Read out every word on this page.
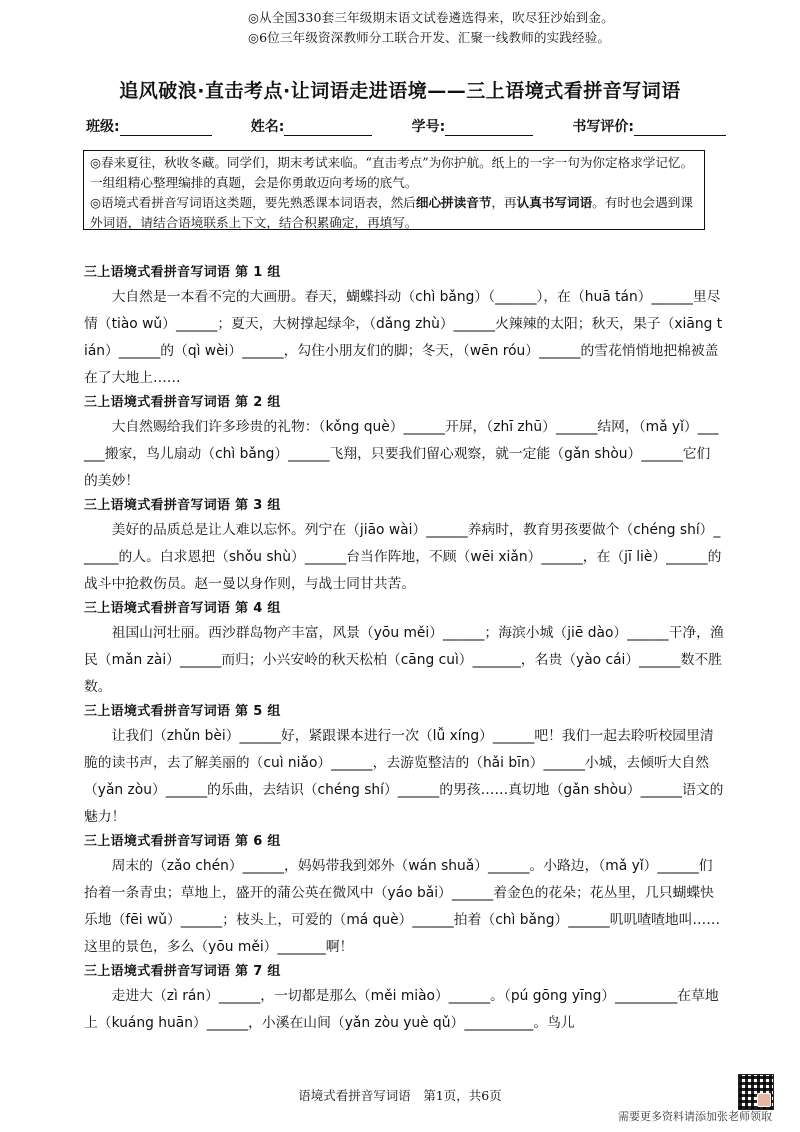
◎从全国330套三年级期末语文试卷遴选得来，吹尽狂沙始到金。
◎6位三年级资深教师分工联合开发、汇聚一线教师的实践经验。
追风破浪·直击考点·让词语走进语境——三上语境式看拼音写词语
班级:	姓名:	学号:	书写评价:
◎春来夏往，秋收冬藏。同学们，期末考试来临。“直击考点”为你护航。纸上的一字一句为你定格求学记忆。一组组精心整理编排的真题，会是你勇敢迈向考场的底气。
◎语境式看拼音写词语这类题，要先熟悉课本词语表，然后细心拼读音节，再认真书写词语。有时也会遇到课外词语，请结合语境联系上下文，结合积累确定，再填写。
三上语境式看拼音写词语 第 1 组

大自然是一本看不完的大画册。春天，蝴蝶抖动（chì bǎng）（______），在（huā tán）______里尽情（tiào wǔ）______；夏天，大树撑起绿伞，（dǎng zhù）______火辣辣的太阳；秋天，果子（xiāng tián）______的（qì wèi）______，勾住小朋友们的脚；冬天，（wēn róu）______的雪花悄悄地把棉被盖在了大地上……

三上语境式看拼音写词语 第 2 组

大自然赐给我们许多珍贵的礼物：（kǒng què）______开屏，（zhī zhū）______结网，（mǎ yǐ）______搬家，鸟儿扇动（chì bǎng）______飞翔，只要我们留心观察，就一定能（gǎn shòu）______它们的美妙！

三上语境式看拼音写词语 第 3 组

美好的品质总是让人难以忘怀。列宁在（jiāo wài）______养病时，教育男孩要做个（chéng shí）______的人。白求恩把（shǒu shù）______台当作阵地，不顾（wēi xiǎn）______，在（jī liè）______的战斗中抢救伤员。赵一曼以身作则，与战士同甘共苦。

三上语境式看拼音写词语 第 4 组

祖国山河壮丽。西沙群岛物产丰富，风景（yōu měi）______；海滨小城（jiē dào）______干净，渔民（mǎn zài）______而归；小兴安岭的秋天松柏（cāng cuì）_______，名贵（yào cái）______数不胜数。

三上语境式看拼音写词语 第 5 组

让我们（zhǔn bèi）______好，紧跟课本进行一次（lǚ xíng）______吧！我们一起去聆听校园里清脆的读书声，去了解美丽的（cuì niǎo）______，去游览整洁的（hǎi bīn）______小城，去倾听大自然（yǎn zòu）______的乐曲，去结识（chéng shí）______的男孩……真切地（gǎn shòu）______语文的魅力！

三上语境式看拼音写词语 第 6 组

周末的（zǎo chén）______，妈妈带我到郊外（wán shuǎ）______。小路边，（mǎ yǐ）______们抬着一条青虫；草地上，盛开的蒲公英在微风中（yáo bǎi）______着金色的花朵；花丛里，几只蝴蝶快乐地（fēi wǔ）______；枝头上，可爱的（má què）______拍着（chì bǎng）______叽叽喳喳地叫……这里的景色，多么（yōu měi）_______啊！

三上语境式看拼音写词语 第 7 组

走进大（zì rán）______，一切都是那么（měi miào）______。（pú gōng yīng）_________在草地上（kuáng huān）______，小溪在山间（yǎn zòu yuè qǔ）__________。鸟儿

语境式看拼音写词语　第1页，共6页
需要更多资料请添加张老师领取
